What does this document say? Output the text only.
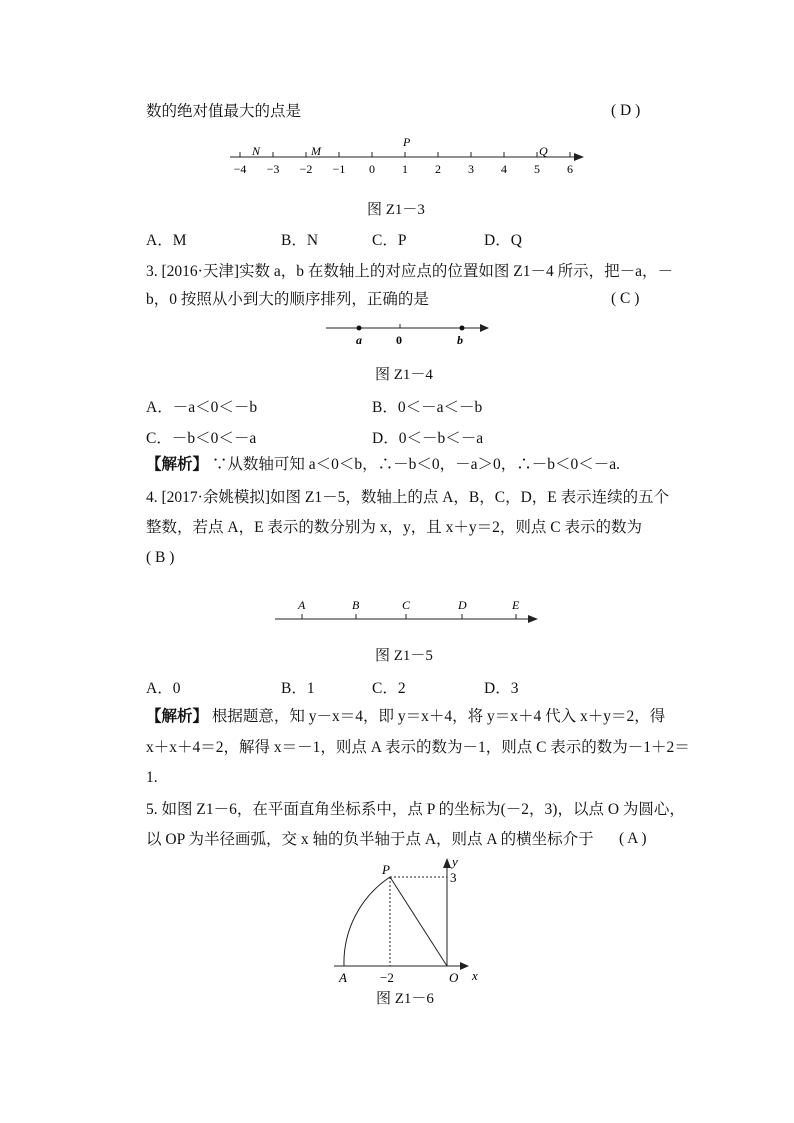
数的绝对值最大的点是	( D )
−4 −3 −2 −1 0 1 2 3 4 5 6
N	M
P
Q
图 Z1－3
A．M	B．N	C．P	D．Q
3. [2016·天津]实数 a，b 在数轴上的对应点的位置如图 Z1－4 所示，把－a，－
b，0 按照从小到大的顺序排列，正确的是	( C )
a	0	b
图 Z1－4
A．－a＜0＜－b	B．0＜－a＜－b
C．－b＜0＜－a	D．0＜－b＜－a
【解析】 ∵从数轴可知 a＜0＜b，∴－b＜0，－a＞0，∴－b＜0＜－a.
4. [2017·余姚模拟]如图 Z1－5，数轴上的点 A，B，C，D，E 表示连续的五个
整数，若点 A，E 表示的数分别为 x，y，且 x＋y＝2，则点 C 表示的数为
( B )
A	B	C	D	E
图 Z1－5
A．0	B．1	C．2	D．3
【解析】 根据题意，知 y－x＝4，即 y＝x＋4，将 y＝x＋4 代入 x＋y＝2，得
x＋x＋4＝2，解得 x＝－1，则点 A 表示的数为－1，则点 C 表示的数为－1＋2＝
1.
5. 如图 Z1－6，在平面直角坐标系中，点 P 的坐标为(－2，3)，以点 O 为圆心，
以 OP 为半径画弧，交 x 轴的负半轴于点 A，则点 A 的横坐标介于 ( A )
P
y
3
A	−2	O x
图 Z1－6
